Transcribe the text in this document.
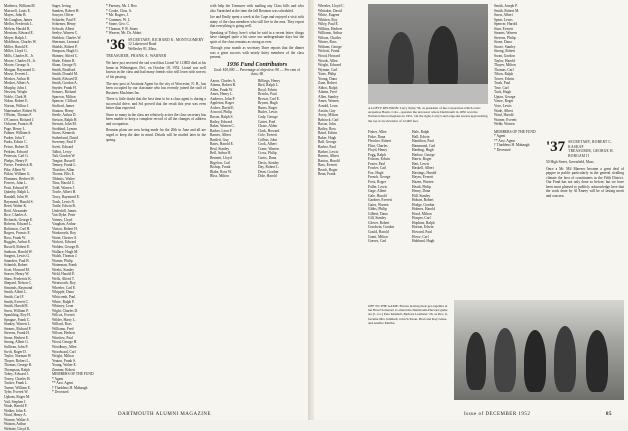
Mathews, William M.
Maxwell, Louis E.
Mayes, John B.
McCaughan, James
Mellor, Frederick L.
Melvin, Harold B.
Merriam, Edward E.
Meyer, Ralph J.
Middleton, Charles W.
Miller, Harold E.
Miller, Lloyd G.
Mills, Charles R., Jr.
Moore, Charles H., Jr.
Moore, George A.
Morgan, Raymond G.
Morse, Everett L.
Mosher, Arthur R.
Mosher, Albert A.
Murphy, John J.
Newton, Wright
Noble, Clark H.
Nolan, Robert E.
Norton, Wilbur J.
Nunemaker, Robert W.
O'Brien, Thomas F.
O'Connor, Richard J.
Osborne, Francis H.
Page, Henry L.
Palmer, William S.
Parker, John T.
Parks, Edwin C.
Peirce, Robert D.
Perkins, Edward
Peterson, Carl G.
Phelps, Henry F.
Pierce, Frederick B.
Pike, Albert W.
Pitkin, William G.
Plummer, Herbert W.
Powers, John L.
Pratt, Edward W.
Quimby, Ralph L.
Randall, John W.
Raymond, Harold S.
Reed, Walter K.
Reid, Alexander
Rice, Charles A.
Richards, George E.
Roberts, Edward L.
Robinson, Carl H.
Rogers, Francis E.
Ross, Frank W.
Ruggles, Arthur E.
Russell, Robert E.
Sanborn, Harold W.
Sargent, Lewis G.
Saunders, Paul B.
Schmidt, Robert
Scott, Howard M.
Seaver, Henry W.
Shaw, Frederick K.
Shepard, Nelson C.
Simonds, Raymond
Smith, Albert L.
Smith, Carl F.
Smith, Everett C.
Smith, Harold R.
Snow, William P.
Spaulding, Roy H.
Sprague, Frank C.
Stanley, Warren L.
Stearns, Richard F.
Stevens, Frank H.
Stone, Herbert E.
Strong, Albert G.
Sullivan, John P.
Swift, Roger D.
Taylor, Norman W.
Thayer, Robert L.
Thomas, George R.
Thompson, Ralph
Tobey, Edward J.
Torrey, Charles H.
Tucker, Frank L.
Turner, William E.
Tyler, Everett W.
Upham, Roger M.
Vail, Stephen J.
Wade, Harold F.
Walker, John E.
Ward, Henry A.
Warren, Walter S.
Watson, Arthur
Webster, Lloyd K.
Sager, Irving
Sanders, Robert H.
Sawyer, Oliver
Schaefer, Paul F.
Schirmer, Henry
Schwab, Albert
Seelye, Warren C.
Sheldon, Charles W.
Sherman, Leonard
Shields, Robert P.
Simpson, Hugh G.
Skinner, Alfred C.
Slade, Edwin R.
Sloan, George N.
Smith, Bradford
Smith, Donald M.
Smith, Edward D.
Smith, Gordon A.
Snyder, Frank H.
Somers, Richard
Sparrow, Milton
Spencer, Clifford
Stafford, James
Stanton, Henry
Steele, Arthur D.
Stetson, Ralph H.
Stewart, John M.
Stoddard, Lyman
Storrs, Kenneth
Sutherland, David
Sweeney, Paul F.
Swett, Edward
Talbot, Leroy
Taft, Gordon W.
Teague, Russell
Tenney, Frank L.
Thatcher, Allan
Thorne, Ellis E.
Tibbetts, Walter
Titus, Harold C.
Todd, Warren J.
Towle, Albert H.
Tracy, Raymond E.
Trask, Lewis N.
Tuttle, Edwin R.
Underhill, James
Van Dyke, Peter
Varney, Lloyd
Vaughan, Arthur
Vinton, Robert H.
Wadsworth, Roy
Waite, Chester A.
Walcott, Edward
Walden, George B.
Wallace, Hugh M.
Walsh, Thomas J.
Warner, Philip
Waterman, Frank
Weeks, Stanley
Weld, Harold E.
Wells, Alfred T.
Wentworth, Roy
Wheeler, Carl E.
Whipple, Dana
Whitcomb, Paul
White, Ralph F.
Whitney, Leon
Wight, Charles D.
Wilcox, Everett
Wilder, Harry L.
Willard, Ross
Williams, Fred
Wilson, Herbert
Winslow, Paul
Wood, George H.
Woodbury, Allen
Woodward, Carl
Wright, Milton
Yeaton, Frank S.
Young, Walter E.
Zimmer, Robert
MEMBERS OF THE FUND
* Agent
** Asst. Agent
† Thaddeus H. Mahaugh
* Deceased
* Fareney, Mr. J. Reo
* Cooke, Chas. A.
* Mr. Rogers, J.
* Cummer, W. L.
* Stone, Geo. C.
* Thomas, P. R. Stone
* Weaver, Mr. Dr. Abbot
'36 SECRETARY, RICHARD K. MONTGOMERY
12 Lakewood Road
Wellesley 81, Mass.
TREASURER, FRANK A. WARNER

We have just received the sad word that Lionel W. LORD died at his home in Wilmington, Del., on October 18, 1952. Lionel was well known in the class and had many friends who will learn with sorrow of his passing.

The new post of Assistant Agent for the city of Worcester, N. H., has been occupied by our classmate who has recently joined the staff of Business Machines Inc.

There is little doubt that the best time to be a class agent is during a successful drive, and Sol proved that the result this year was even better than expected.

Since so many in the class are relatively active the class secretary has been unable to keep a complete record of all the changes of address and occupation.

Reunion plans are now being made for the 20th in June and all are urged to keep the date in mind. Details will be mailed later in the spring.

with help the Treasurer with mailing any Class bills and who also Varnished at the time the fall Reunion was scheduled.

Joe and Emily spent a week at the Cape and enjoyed a visit with many of the class members who still live in the area. They report that everything is going well.

Speaking of Tobey, here's what he said in a recent letter: things have changed quite a bit since our undergraduate days but the spirit of the class remains as strong as ever.

Through your month as secretary Dave reports that the dinner was a great success with nearly thirty members of the class present.

1936 Fund Contributors
Goal: $10,000 — Percentage of objective: 80 — Per cent of class: 68
Aaron, Charles A.
Adams, Robert B.
Allen, Frank W.
Ames, Henry L.
Andrews, John P.
Appleton, Roger
Archer, David E.
Atwood, Philip
Bacon, Ralph S.
Bailey, Edward
Baker, Warren C.
Barker, Leon F.
Barnes, Albert
Bartlett, Guy
Bates, Harold E.
Beal, Stanley
Bell, Arthur R.
Bennett, Lloyd
Bigelow, Carl
Bishop, Frank
Blake, Ross W.
Bliss, Milton
Billings, Henry
Bird, Ralph L.
Boyd, Edwin
Brooks, Paul
Brown, Carl E.
Bryant, Hugh
Burns, Roger
Butler, Lewis
Cady, George
Carter, Fred
Chase, Alden
Clark, Howard
Cole, Everett
Collins, John
Cook, Albert
Crane, Warren
Cross, Philip
Curtis, Dana
Davis, Stanley
Day, Robert L.
Dean, Gordon
Dole, Harold
DARTMOUTH ALUMNI MAGAZINE
Wheeler, Lloyd C.
Whitaker, David
White, Eugene
Whitten, Roy
Wiley, Paul E.
Wilkins, Herbert
Williams, Arthur
Wilson, Charles
Winter, Ross
Witham, George
Wolcott, Frank
Wood, Howard
Woods, Allen
Wright, Edward
Wyman, Carl
Yates, Philip
Young, Dana
Zane, Robert
Abbot, Ralph
Adams, Fred
Allen, Stanley
Ames, Warren
Arnold, Leon
Austin, Guy
Avery, Milton
Babcock, Carl
Bacon, John
Bailey, Ross
Baird, Edwin
Baker, Hugh
Ball, George
Barber, Paul
Barker, Lewis
Barnes, Albert
Barton, Harold
Bass, Everett
Beach, Roger
Bean, Frank
A LOFTY REUNION: Larry Jump '36, as president of the corporation which owns Arapahoe Basin, Colo., operates the ski resort where Dartmouth in 1950 won the National Intercollegiates in 1951. On the right, Larry's ski lodge-ski resorts approaching the top at an elevation of 12,000 feet.
Fisher, Allen
Fiske, Dana
Fletcher, Robert
Flint, Charles
Floyd, Henry
Fogg, Ralph
Folsom, Edwin
Foster, Paul
Fowler, Carl
Fox, Hugh
French, George
Frost, Roger
Fuller, Lewis
Gage, Albert
Gale, Harold
Gardner, Everett
Gates, Warren
Gibbs, Philip
Gilbert, Dana
Gill, Stanley
Glover, Robert
Goodwin, Gordon
Gould, Harold
Grant, Milton
Graves, Carl
Hale, Ralph
Hall, Edwin
Hamilton, Paul
Hammond, Carl
Harding, Hugh
Harlow, George
Harris, Roger
Hart, Lewis
Haskell, Albert
Hastings, Harold
Hayes, Everett
Hazen, Warren
Heath, Philip
Henry, Dana
Hill, Stanley
Hobart, Robert
Hodge, Gordon
Holmes, Harold
Hood, Milton
Hooper, Carl
Hopkins, Ralph
Horton, Edwin
Howard, Paul
Howe, Carl
Hubbard, Hugh
Smith, Joseph P.
Smith, Robert M.
Snow, Albert
Spear, Lewis
Spencer, Harold
Starr, Everett
Stearns, Warren
Stevens, Philip
Stone, Dana
Stowe, Stanley
Strong, Robert
Swan, Gordon
Taylor, Harold
Thayer, Milton
Thomas, Carl
Tilton, Ralph
Tower, Edwin
Trask, Paul
True, Carl
Tuck, Hugh
Upton, George
Vance, Roger
Vose, Lewis
Wade, Albert
Ward, Harold
Warner, Everett
Webb, Warren
MEMBERS OF THE FUND
* Agent
** Asst. Agent
† Thaddeus H. Mahaugh
* Deceased	'37 SECRETARY, ROBERT C. KASKAF
TREASURER, GEORGE H. BORGAM II
50 High Street, Greenfield, Mass.

Once a Mr. Mil Marrero became a great deal of pepper in public particularly in the general rivalling climate the host of constituents in the Fifth District. Our Fund has not only done so before, but we have been most pleased to publicly acknowledge here that the work done by Al Emery will be of lasting merit and concern.

OFF TO THE GAME: Eleven leaving their get-together at the Hotel Somerset to attend the Dartmouth-Harvard game are (l. to r.) Pete Kimbell, Barbara Leathster '26, as Dec. 6, became Mrs. Kimbell, John Schwan, Brad and Kay Glass, and Ansfire Martha.
Issue of DECEMBER 1952	85
